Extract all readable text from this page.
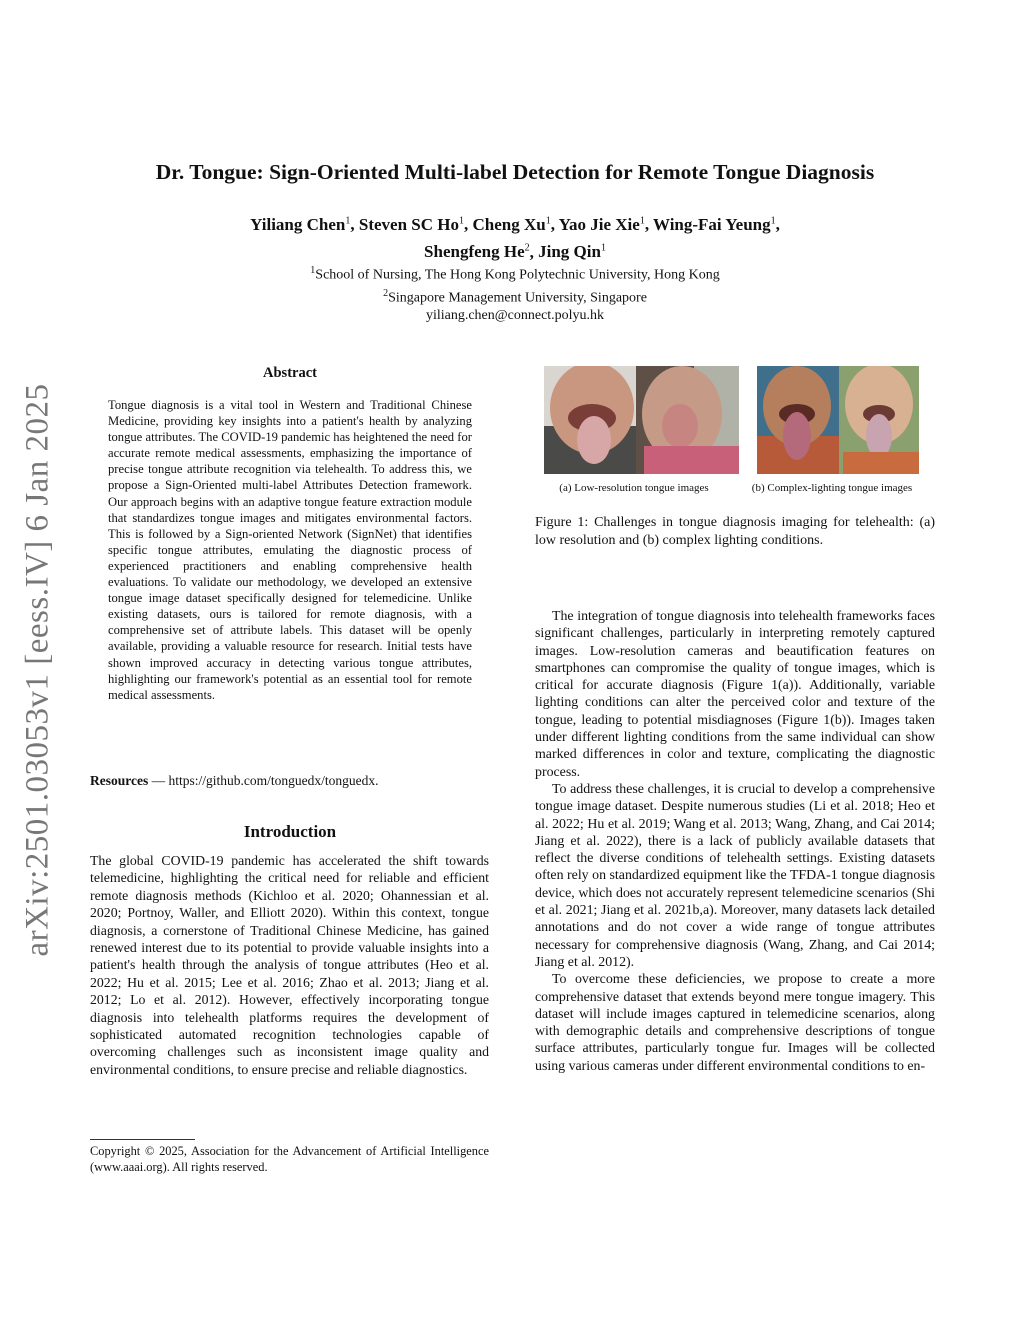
arXiv:2501.03053v1 [eess.IV] 6 Jan 2025
Dr. Tongue: Sign-Oriented Multi-label Detection for Remote Tongue Diagnosis
Yiliang Chen$^1$, Steven SC Ho$^1$, Cheng Xu$^1$, Yao Jie Xie$^1$, Wing-Fai Yeung$^1$,
Shengfeng He$^2$, Jing Qin$^1$
$^1$School of Nursing, The Hong Kong Polytechnic University, Hong Kong
$^2$Singapore Management University, Singapore
yiliang.chen@connect.polyu.hk
Abstract

Tongue diagnosis is a vital tool in Western and Traditional Chinese Medicine, providing key insights into a patient's health by analyzing tongue attributes. The COVID-19 pandemic has heightened the need for accurate remote medical assessments, emphasizing the importance of precise tongue attribute recognition via telehealth. To address this, we propose a Sign-Oriented multi-label Attributes Detection framework. Our approach begins with an adaptive tongue feature extraction module that standardizes tongue images and mitigates environmental factors. This is followed by a Sign-oriented Network (SignNet) that identifies specific tongue attributes, emulating the diagnostic process of experienced practitioners and enabling comprehensive health evaluations. To validate our methodology, we developed an extensive tongue image dataset specifically designed for telemedicine. Unlike existing datasets, ours is tailored for remote diagnosis, with a comprehensive set of attribute labels. This dataset will be openly available, providing a valuable resource for research. Initial tests have shown improved accuracy in detecting various tongue attributes, highlighting our framework's potential as an essential tool for remote medical assessments.

Resources — https://github.com/tonguedx/tonguedx.

Introduction

The global COVID-19 pandemic has accelerated the shift towards telemedicine, highlighting the critical need for reliable and efficient remote diagnosis methods (Kichloo et al. 2020; Ohannessian et al. 2020; Portnoy, Waller, and Elliott 2020). Within this context, tongue diagnosis, a cornerstone of Traditional Chinese Medicine, has gained renewed interest due to its potential to provide valuable insights into a patient's health through the analysis of tongue attributes (Heo et al. 2022; Hu et al. 2015; Lee et al. 2016; Zhao et al. 2013; Jiang et al. 2012; Lo et al. 2012). However, effectively incorporating tongue diagnosis into telehealth platforms requires the development of sophisticated automated recognition technologies capable of overcoming challenges such as inconsistent image quality and environmental conditions, to ensure precise and reliable diagnostics.

Copyright © 2025, Association for the Advancement of Artificial Intelligence (www.aaai.org). All rights reserved.

(a) Low-resolution tongue images	(b) Complex-lighting tongue images

Figure 1: Challenges in tongue diagnosis imaging for telehealth: (a) low resolution and (b) complex lighting conditions.

The integration of tongue diagnosis into telehealth frameworks faces significant challenges, particularly in interpreting remotely captured images. Low-resolution cameras and beautification features on smartphones can compromise the quality of tongue images, which is critical for accurate diagnosis (Figure 1(a)). Additionally, variable lighting conditions can alter the perceived color and texture of the tongue, leading to potential misdiagnoses (Figure 1(b)). Images taken under different lighting conditions from the same individual can show marked differences in color and texture, complicating the diagnostic process.

To address these challenges, it is crucial to develop a comprehensive tongue image dataset. Despite numerous studies (Li et al. 2018; Heo et al. 2022; Hu et al. 2019; Wang et al. 2013; Wang, Zhang, and Cai 2014; Jiang et al. 2022), there is a lack of publicly available datasets that reflect the diverse conditions of telehealth settings. Existing datasets often rely on standardized equipment like the TFDA-1 tongue diagnosis device, which does not accurately represent telemedicine scenarios (Shi et al. 2021; Jiang et al. 2021b,a). Moreover, many datasets lack detailed annotations and do not cover a wide range of tongue attributes necessary for comprehensive diagnosis (Wang, Zhang, and Cai 2014; Jiang et al. 2012).

To overcome these deficiencies, we propose to create a more comprehensive dataset that extends beyond mere tongue imagery. This dataset will include images captured in telemedicine scenarios, along with demographic details and comprehensive descriptions of tongue surface attributes, particularly tongue fur. Images will be collected using various cameras under different environmental conditions to en-
